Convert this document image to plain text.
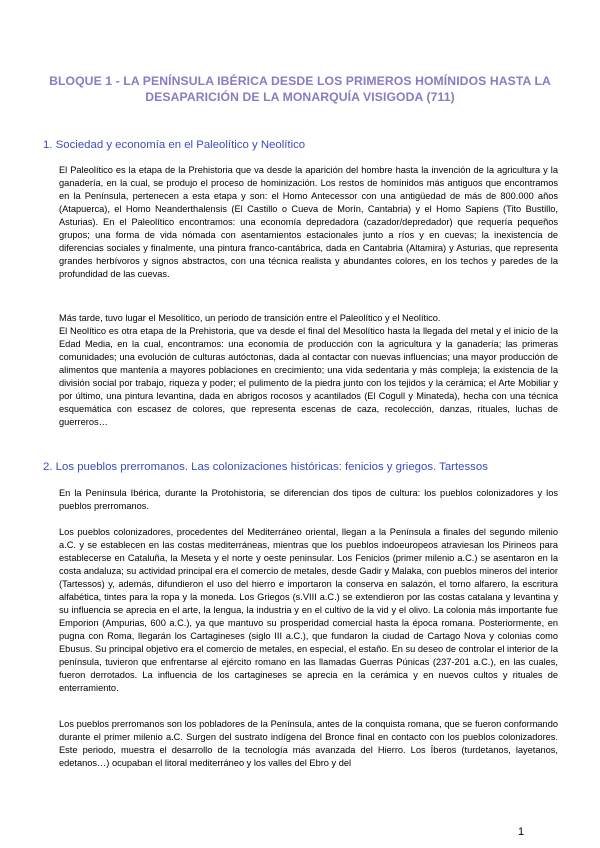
BLOQUE 1 - LA PENÍNSULA IBÉRICA DESDE LOS PRIMEROS HOMÍNIDOS HASTA LA DESAPARICIÓN DE LA MONARQUÍA VISIGODA (711)
1. Sociedad y economía en el Paleolítico y Neolítico

El Paleolítico es la etapa de la Prehistoria que va desde la aparición del hombre hasta la invención de la agricultura y la ganadería, en la cual, se produjo el proceso de hominización. Los restos de homínidos más antiguos que encontramos en la Península, pertenecen a esta etapa y son: el Homo Antecessor con una antigüedad de más de 800.000 años (Atapuerca), el Homo Neanderthalensis (El Castillo o Cueva de Morín, Cantabria) y el Homo Sapiens (Tito Bustillo, Asturias). En el Paleolítico encontramos: una economía depredadora (cazador/depredador) que requería pequeños grupos; una forma de vida nómada con asentamientos estacionales junto a ríos y en cuevas; la inexistencia de diferencias sociales y finalmente, una pintura franco-cantábrica, dada en Cantabria (Altamira) y Asturias, que representa grandes herbívoros y signos abstractos, con una técnica realista y abundantes colores, en los techos y paredes de la profundidad de las cuevas.

Más tarde, tuvo lugar el Mesolítico, un periodo de transición entre el Paleolítico y el Neolítico.

El Neolítico es otra etapa de la Prehistoria, que va desde el final del Mesolítico hasta la llegada del metal y el inicio de la Edad Media, en la cual, encontramos: una economía de producción con la agricultura y la ganadería; las primeras comunidades; una evolución de culturas autóctonas, dada al contactar con nuevas influencias; una mayor producción de alimentos que mantenía a mayores poblaciones en crecimiento; una vida sedentaria y más compleja; la existencia de la división social por trabajo, riqueza y poder; el pulimento de la piedra junto con los tejidos y la cerámica; el Arte Mobiliar y por último, una pintura levantina, dada en abrigos rocosos y acantilados (El Cogull y Minateda), hecha con una técnica esquemática con escasez de colores, que representa escenas de caza, recolección, danzas, rituales, luchas de guerreros…

2. Los pueblos prerromanos. Las colonizaciones históricas: fenicios y griegos. Tartessos

En la Península Ibérica, durante la Protohistoria, se diferencian dos tipos de cultura: los pueblos colonizadores y los pueblos prerromanos.

Los pueblos colonizadores, procedentes del Mediterráneo oriental, llegan a la Península a finales del segundo milenio a.C. y se establecen en las costas mediterráneas, mientras que los pueblos indoeuropeos atraviesan los Pirineos para establecerse en Cataluña, la Meseta y el norte y oeste peninsular. Los Fenicios (primer milenio a.C.) se asentaron en la costa andaluza; su actividad principal era el comercio de metales, desde Gadir y Malaka, con pueblos mineros del interior (Tartessos) y, además, difundieron el uso del hierro e importaron la conserva en salazón, el torno alfarero, la escritura alfabética, tintes para la ropa y la moneda. Los Griegos (s.VIII a.C.) se extendieron por las costas catalana y levantina y su influencia se aprecia en el arte, la lengua, la industria y en el cultivo de la vid y el olivo. La colonia más importante fue Emporion (Ampurias, 600 a.C.), ya que mantuvo su prosperidad comercial hasta la época romana. Posteriormente, en pugna con Roma, llegarán los Cartagineses (siglo III a.C.), que fundaron la ciudad de Cartago Nova y colonias como Ebusus. Su principal objetivo era el comercio de metales, en especial, el estaño. En su deseo de controlar el interior de la península, tuvieron que enfrentarse al ejército romano en las llamadas Guerras Púnicas (237-201 a.C.), en las cuales, fueron derrotados. La influencia de los cartagineses se aprecia en la cerámica y en nuevos cultos y rituales de enterramiento.

Los pueblos prerromanos son los pobladores de la Península, antes de la conquista romana, que se fueron conformando durante el primer milenio a.C. Surgen del sustrato indígena del Bronce final en contacto con los pueblos colonizadores. Este periodo, muestra el desarrollo de la tecnología más avanzada del Hierro. Los Íberos (turdetanos, layetanos, edetanos…) ocupaban el litoral mediterráneo y los valles del Ebro y del

1
